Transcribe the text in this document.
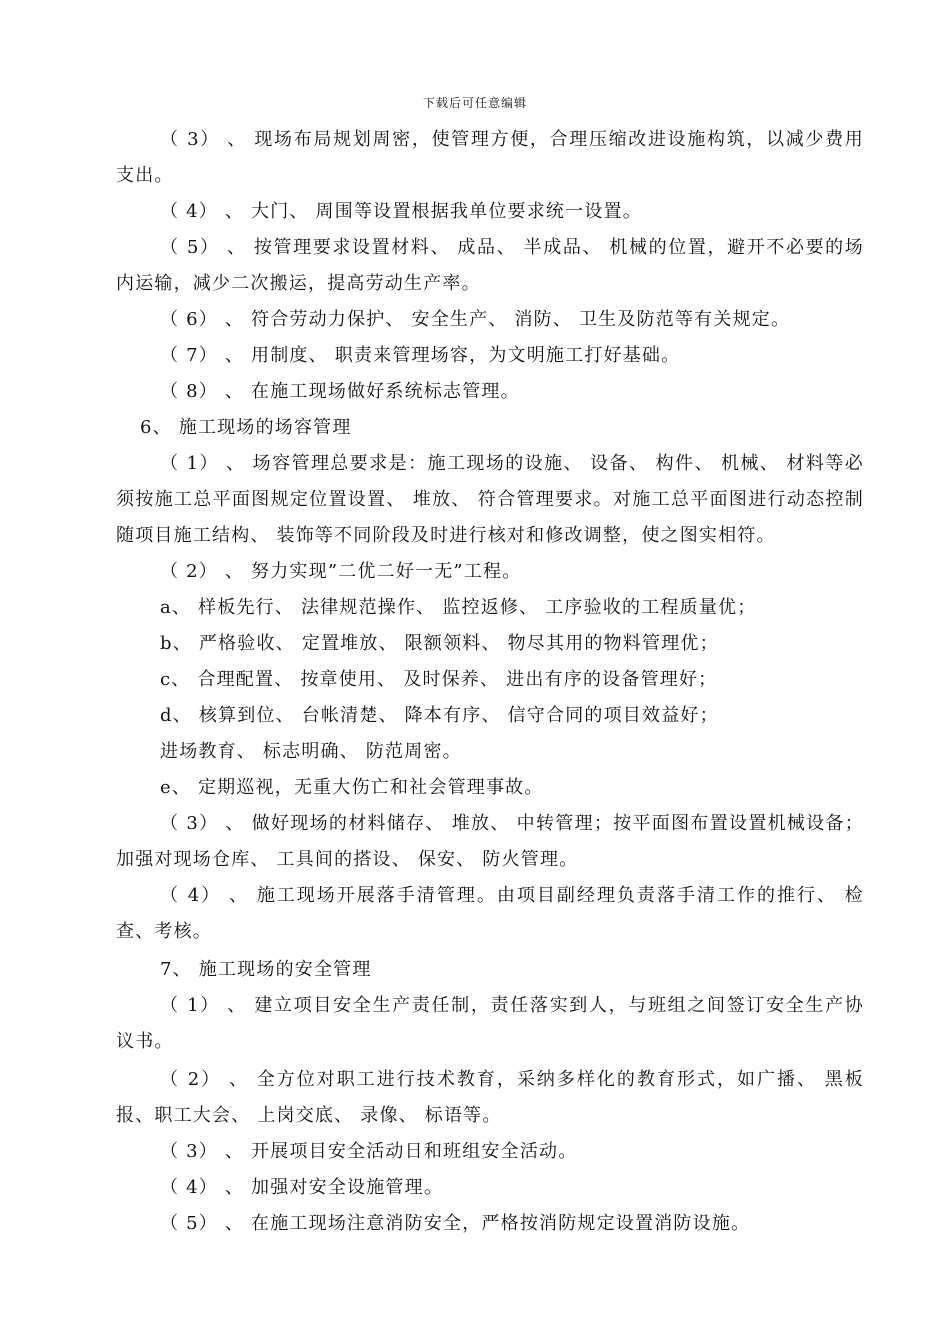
下载后可任意编辑
（ 3） 、 现场布局规划周密，使管理方便，合理压缩改进设施构筑，以减少费用支出。
（ 4） 、 大门、 周围等设置根据我单位要求统一设置。
（ 5） 、 按管理要求设置材料、 成品、 半成品、 机械的位置，避开不必要的场内运输，减少二次搬运，提高劳动生产率。
（ 6） 、 符合劳动力保护、 安全生产、 消防、 卫生及防范等有关规定。
（ 7） 、 用制度、 职责来管理场容，为文明施工打好基础。
（ 8） 、 在施工现场做好系统标志管理。
6、 施工现场的场容管理
（ 1） 、 场容管理总要求是：施工现场的设施、 设备、 构件、 机械、 材料等必须按施工总平面图规定位置设置、 堆放、 符合管理要求。对施工总平面图进行动态控制 随项目施工结构、 装饰等不同阶段及时进行核对和修改调整，使之图实相符。
（ 2） 、 努力实现”二优二好一无”工程。
a、 样板先行、 法律规范操作、 监控返修、 工序验收的工程质量优；
b、 严格验收、 定置堆放、 限额领料、 物尽其用的物料管理优；
c、 合理配置、 按章使用、 及时保养、 进出有序的设备管理好；
d、 核算到位、 台帐清楚、 降本有序、 信守合同的项目效益好；
进场教育、 标志明确、 防范周密。
e、 定期巡视，无重大伤亡和社会管理事故。
（ 3） 、 做好现场的材料储存、 堆放、 中转管理；按平面图布置设置机械设备；加强对现场仓库、 工具间的搭设、 保安、 防火管理。
（ 4） 、 施工现场开展落手清管理。由项目副经理负责落手清工作的推行、 检查、考核。
7、 施工现场的安全管理
（ 1） 、 建立项目安全生产责任制，责任落实到人，与班组之间签订安全生产协议书。
（ 2） 、 全方位对职工进行技术教育，采纳多样化的教育形式，如广播、 黑板报、职工大会、 上岗交底、 录像、 标语等。
（ 3） 、 开展项目安全活动日和班组安全活动。
（ 4） 、 加强对安全设施管理。
（ 5） 、 在施工现场注意消防安全，严格按消防规定设置消防设施。
